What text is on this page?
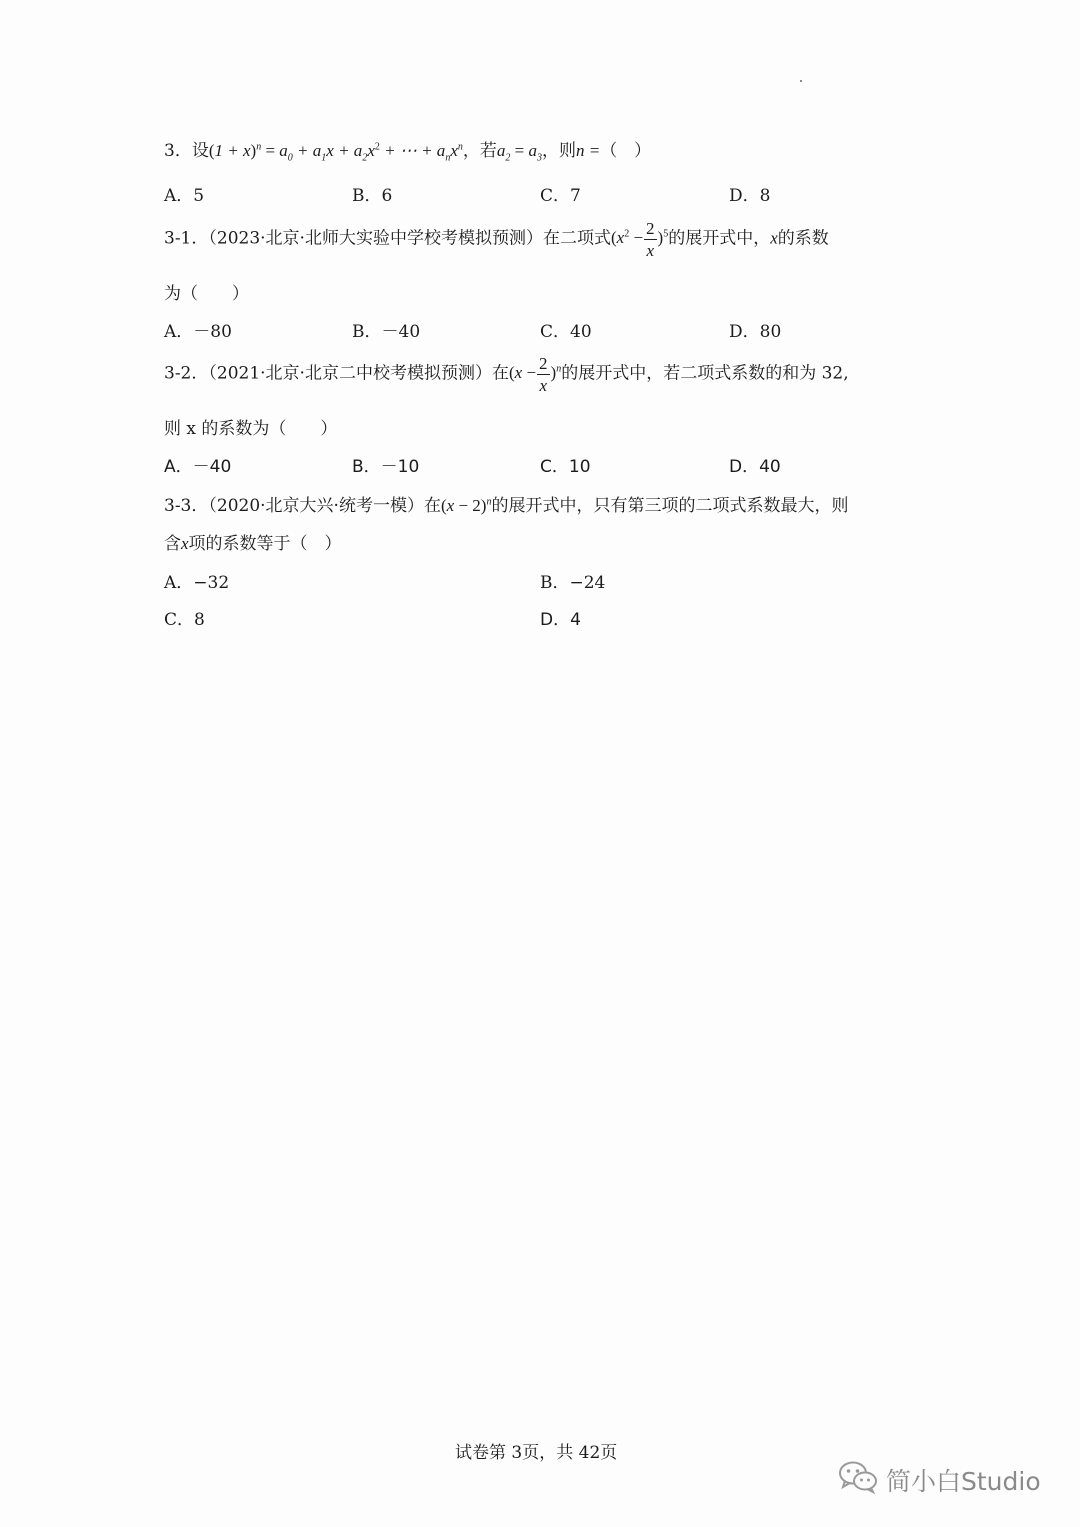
3．设$(1 + x)^n = a_0 + a_1x + a_2x^2$ + ⋯ + $a_nx^n$，若$a_2 = a_3$，则n =（　）
A．5	B．6	C．7	D．8
3-1．（2023·北京·北师大实验中学校考模拟预测）在二项式$(x^2 - \frac{2}{x} )^5$的展开式中，x的系数
为（　　）
A．－80	B．－40	C．40	D．80
3-2．（2021·北京·北京二中校考模拟预测）在$(x - \frac{2}{x} )^n$的展开式中，若二项式系数的和为 32,
则 x 的系数为（　　）
A．－40	B．－10	C．10	D．40
3-3．（2020·北京大兴·统考一模）在$(x - 2)^n$的展开式中，只有第三项的二项式系数最大，则
含x项的系数等于（　）
A．−32	B．−24
C．8	D．4
试卷第 3页，共 42页
简小白Studio
